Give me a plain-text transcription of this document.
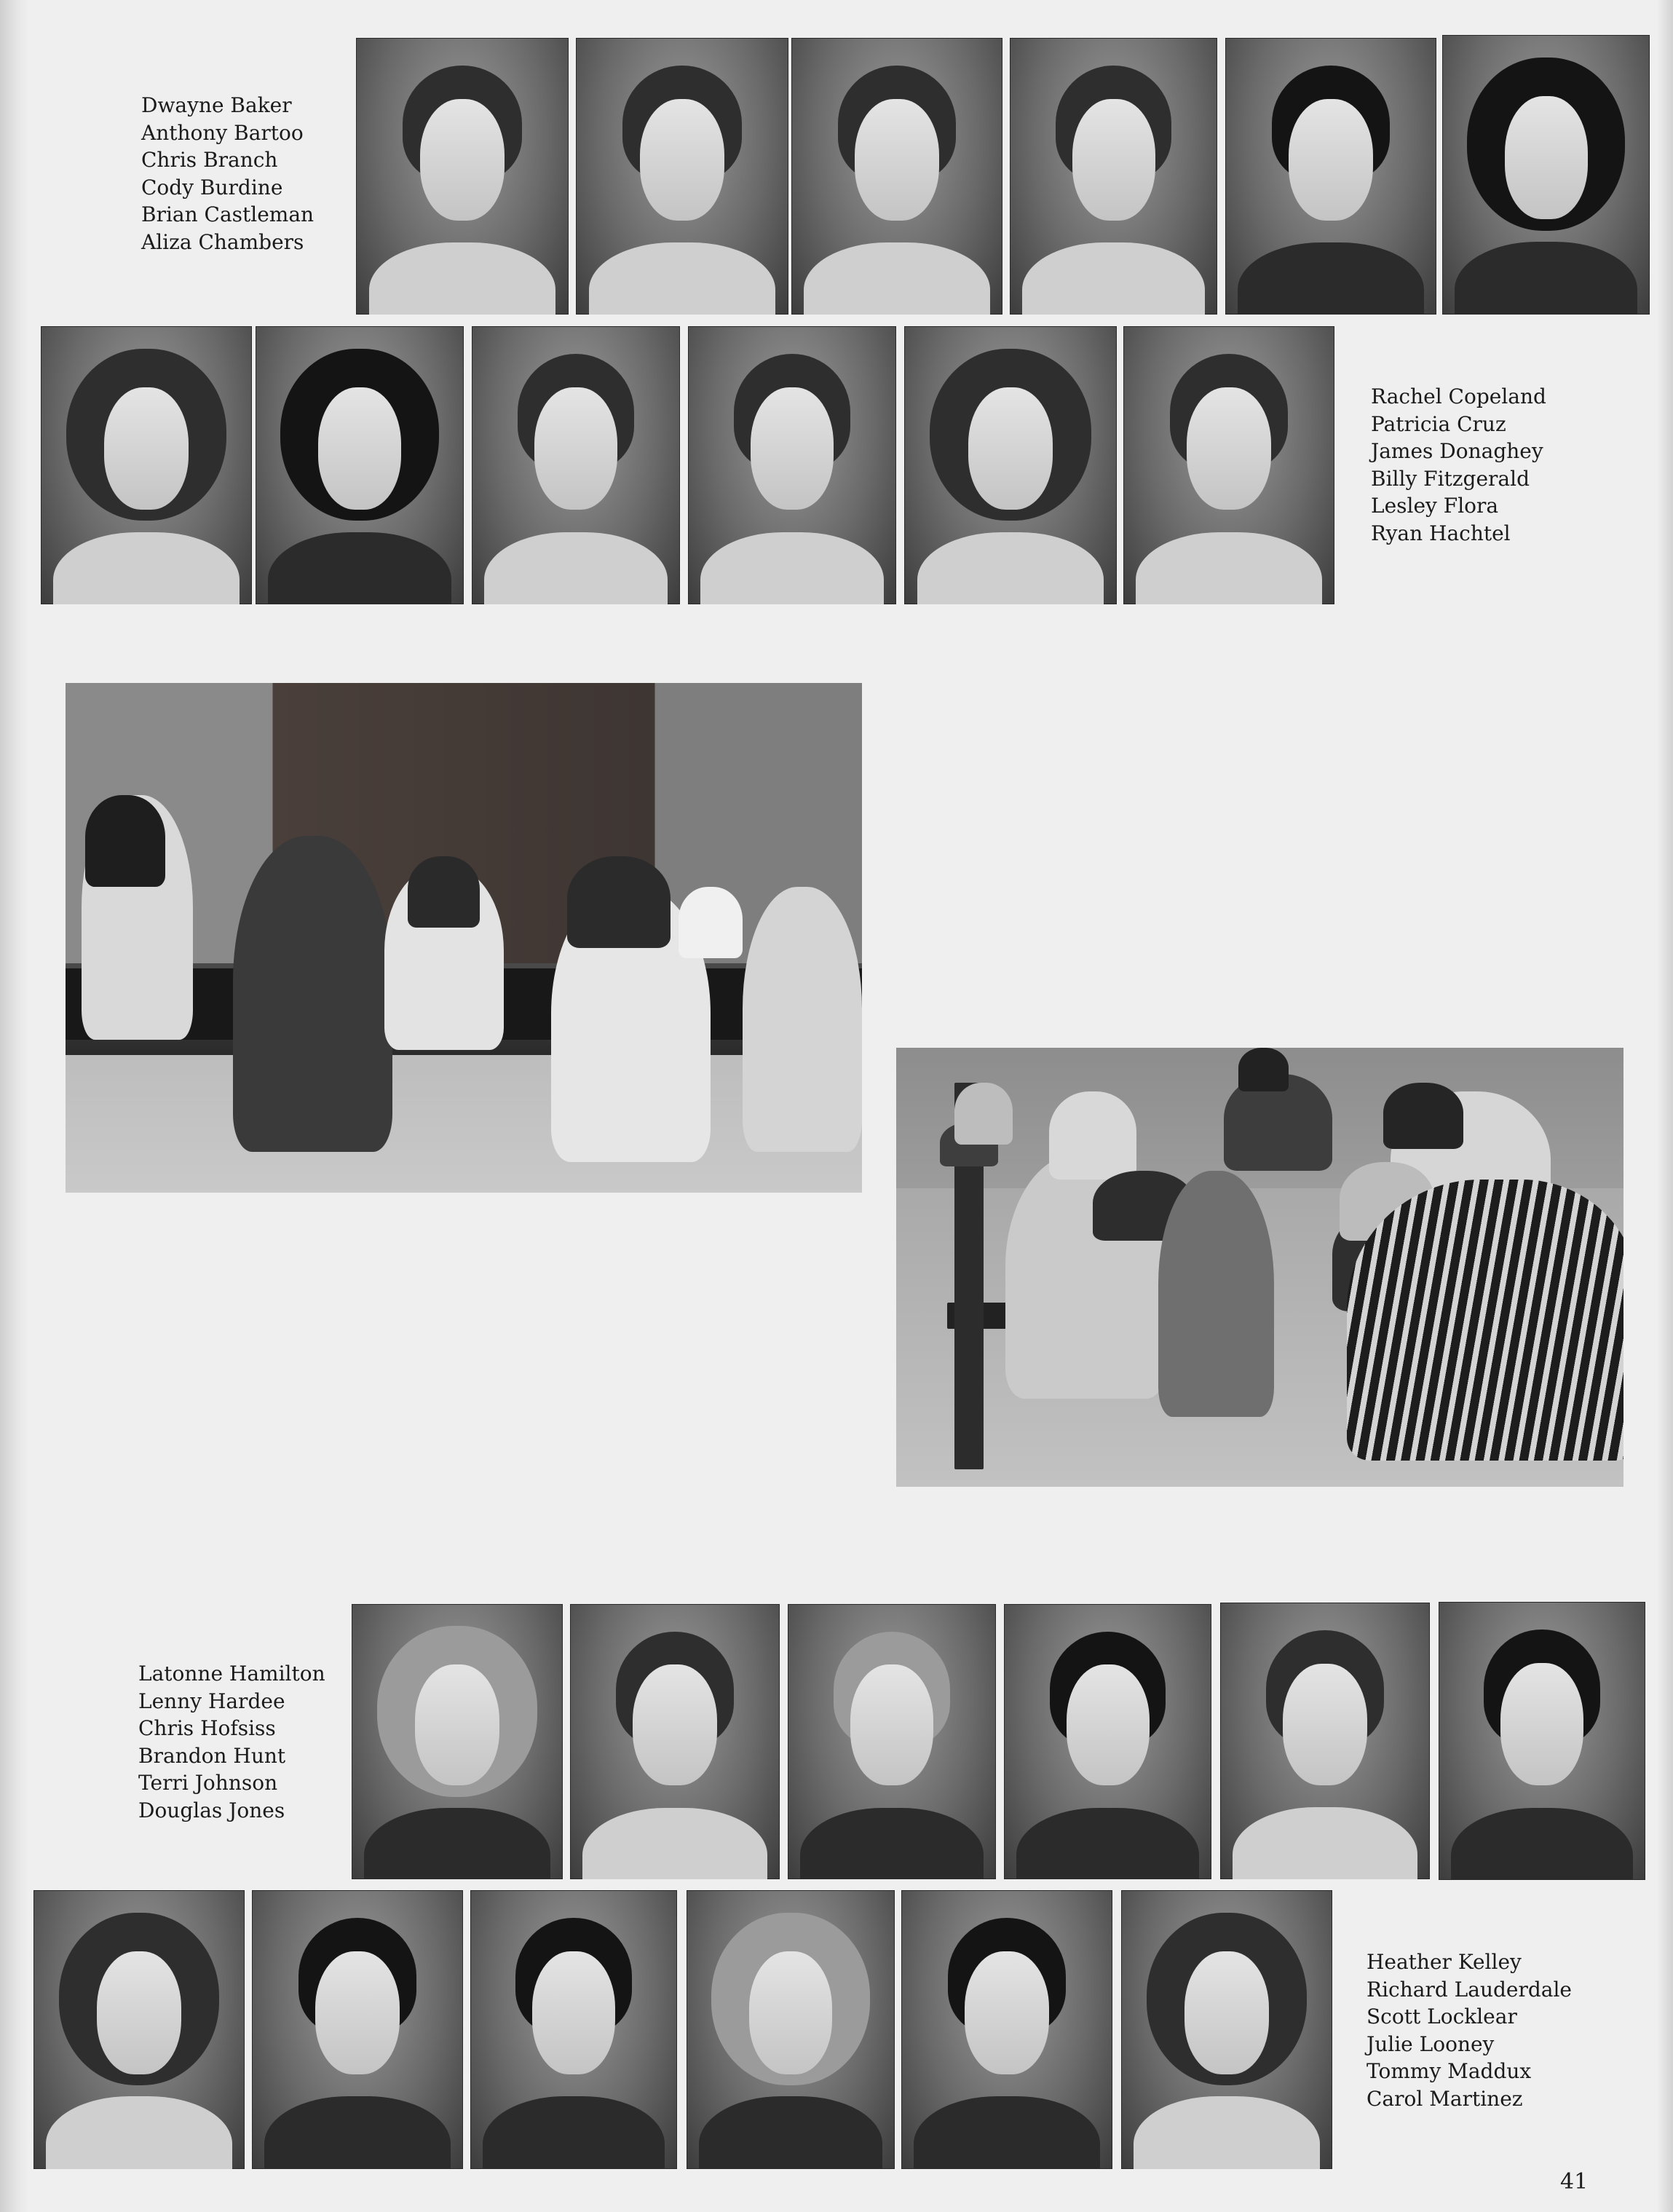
Dwayne Baker
Anthony Bartoo
Chris Branch
Cody Burdine
Brian Castleman
Aliza Chambers
Rachel Copeland
Patricia Cruz
James Donaghey
Billy Fitzgerald
Lesley Flora
Ryan Hachtel
Latonne Hamilton
Lenny Hardee
Chris Hofsiss
Brandon Hunt
Terri Johnson
Douglas Jones
Heather Kelley
Richard Lauderdale
Scott Locklear
Julie Looney
Tommy Maddux
Carol Martinez
41
